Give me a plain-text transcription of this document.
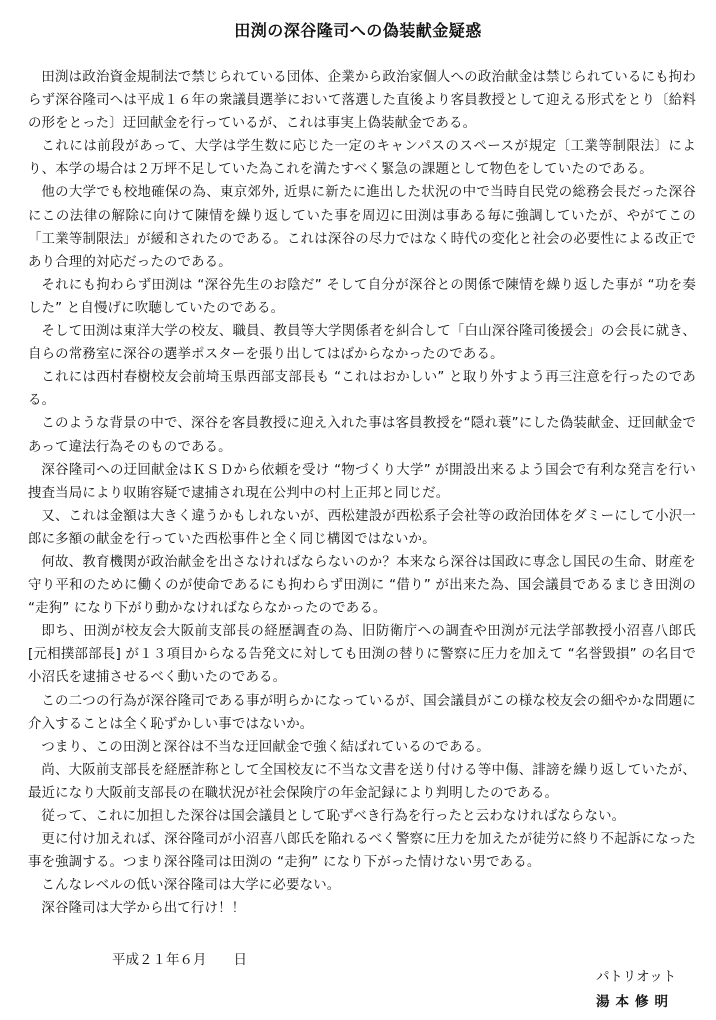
田渕の深谷隆司への偽装献金疑惑

田渕は政治資金規制法で禁じられている団体、企業から政治家個人への政治献金は禁じられているにも拘わらず深谷隆司へは平成１６年の衆議員選挙において落選した直後より客員教授として迎える形式をとり〔給料の形をとった〕迂回献金を行っているが、これは事実上偽装献金である。

これには前段があって、大学は学生数に応じた一定のキャンパスのスペースが規定〔工業等制限法〕により、本学の場合は２万坪不足していた為これを満たすべく緊急の課題として物色をしていたのである。

他の大学でも校地確保の為、東京郊外, 近県に新たに進出した状況の中で当時自民党の総務会長だった深谷にこの法律の解除に向けて陳情を繰り返していた事を周辺に田渕は事ある毎に強調していたが、やがてこの「工業等制限法」が緩和されたのである。これは深谷の尽力ではなく時代の変化と社会の必要性による改正であり合理的対応だったのである。

それにも拘わらず田渕は “深谷先生のお陰だ” そして自分が深谷との関係で陳情を繰り返した事が “功を奏した” と自慢げに吹聴していたのである。

そして田渕は東洋大学の校友、職員、教員等大学関係者を糾合して「白山深谷隆司後援会」の会長に就き、自らの常務室に深谷の選挙ポスターを張り出してはばからなかったのである。

これには西村春樹校友会前埼玉県西部支部長も “これはおかしい” と取り外すよう再三注意を行ったのである。

このような背景の中で、深谷を客員教授に迎え入れた事は客員教授を“隠れ蓑”にした偽装献金、迂回献金であって違法行為そのものである。

深谷隆司への迂回献金はＫＳＤから依頼を受け “物づくり大学” が開設出来るよう国会で有利な発言を行い捜査当局により収賄容疑で逮捕され現在公判中の村上正邦と同じだ。

又、これは金額は大きく違うかもしれないが、西松建設が西松系子会社等の政治団体をダミーにして小沢一郎に多額の献金を行っていた西松事件と全く同じ構図ではないか。

何故、教育機関が政治献金を出さなければならないのか？本来なら深谷は国政に専念し国民の生命、財産を守り平和のために働くのが使命であるにも拘わらず田渕に “借り” が出来た為、国会議員であるまじき田渕の “走狗” になり下がり動かなければならなかったのである。

即ち、田渕が校友会大阪前支部長の経歴調査の為、旧防衛庁への調査や田渕が元法学部教授小沼喜八郎氏 [元相撲部部長] が１３項目からなる告発文に対しても田渕の替りに警察に圧力を加えて “名誉毀損” の名目で小沼氏を逮捕させるべく動いたのである。

この二つの行為が深谷隆司である事が明らかになっているが、国会議員がこの様な校友会の細やかな問題に介入することは全く恥ずかしい事ではないか。

つまり、この田渕と深谷は不当な迂回献金で強く結ばれているのである。

尚、大阪前支部長を経歴詐称として全国校友に不当な文書を送り付ける等中傷、誹謗を繰り返していたが、最近になり大阪前支部長の在職状況が社会保険庁の年金記録により判明したのである。

従って、これに加担した深谷は国会議員として恥ずべき行為を行ったと云わなければならない。

更に付け加えれば、深谷隆司が小沼喜八郎氏を陥れるべく警察に圧力を加えたが徒労に終り不起訴になった事を強調する。つまり深谷隆司は田渕の “走狗” になり下がった情けない男である。

こんなレベルの低い深谷隆司は大学に必要ない。

深谷隆司は大学から出て行け！！

平成２１年６月　　日
パトリオット
湯本修明
